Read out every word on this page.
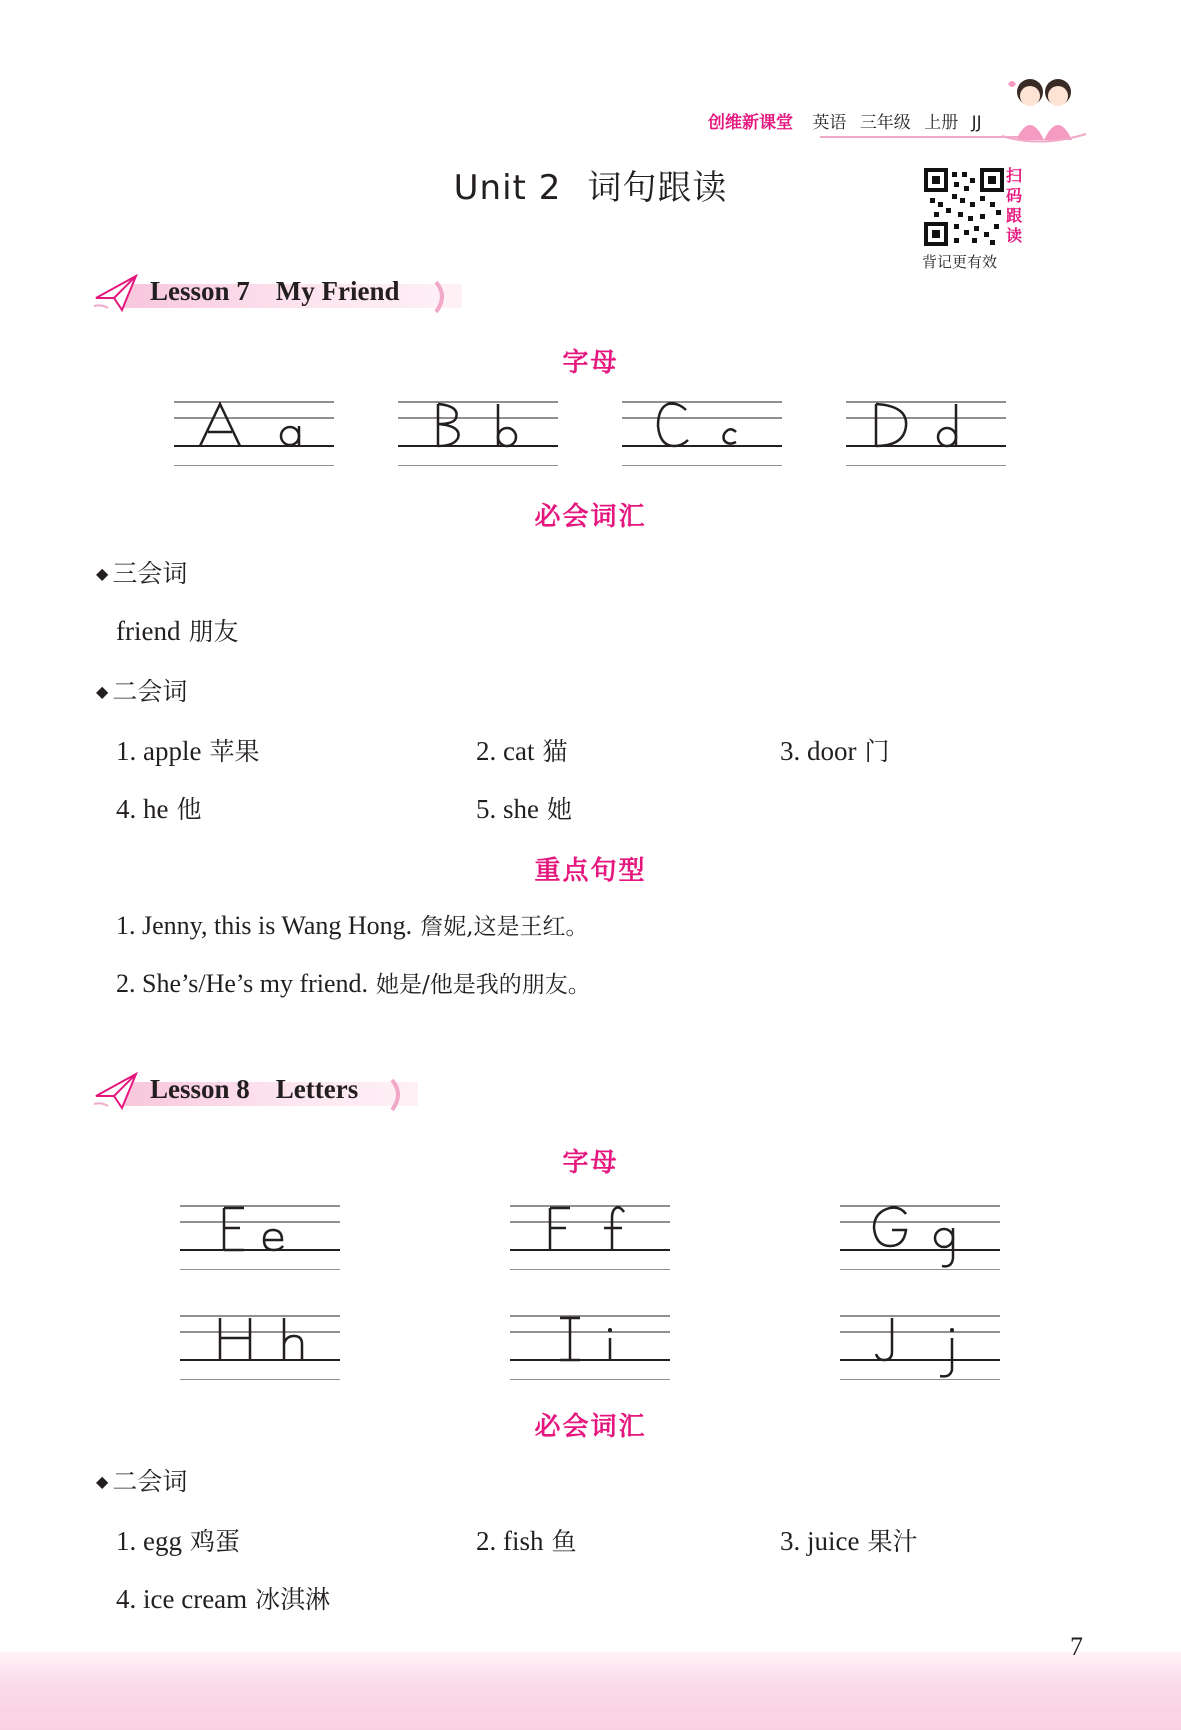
创维新课堂 英语 三年级 上册 JJ
Unit 2 词句跟读	扫
码
跟
读
背记更有效
Lesson 7 My Friend
字母
必会词汇
◆ 三会词
friend 朋友
◆ 二会词
1. apple 苹果	2. cat 猫	3. door 门
4. he 他	5. she 她
重点句型
1. Jenny, this is Wang Hong. 詹妮,这是王红。
2. She’s/He’s my friend. 她是/他是我的朋友。
Lesson 8 Letters
字母
必会词汇
◆ 二会词
1. egg 鸡蛋	2. fish 鱼	3. juice 果汁
4. ice cream 冰淇淋
7
